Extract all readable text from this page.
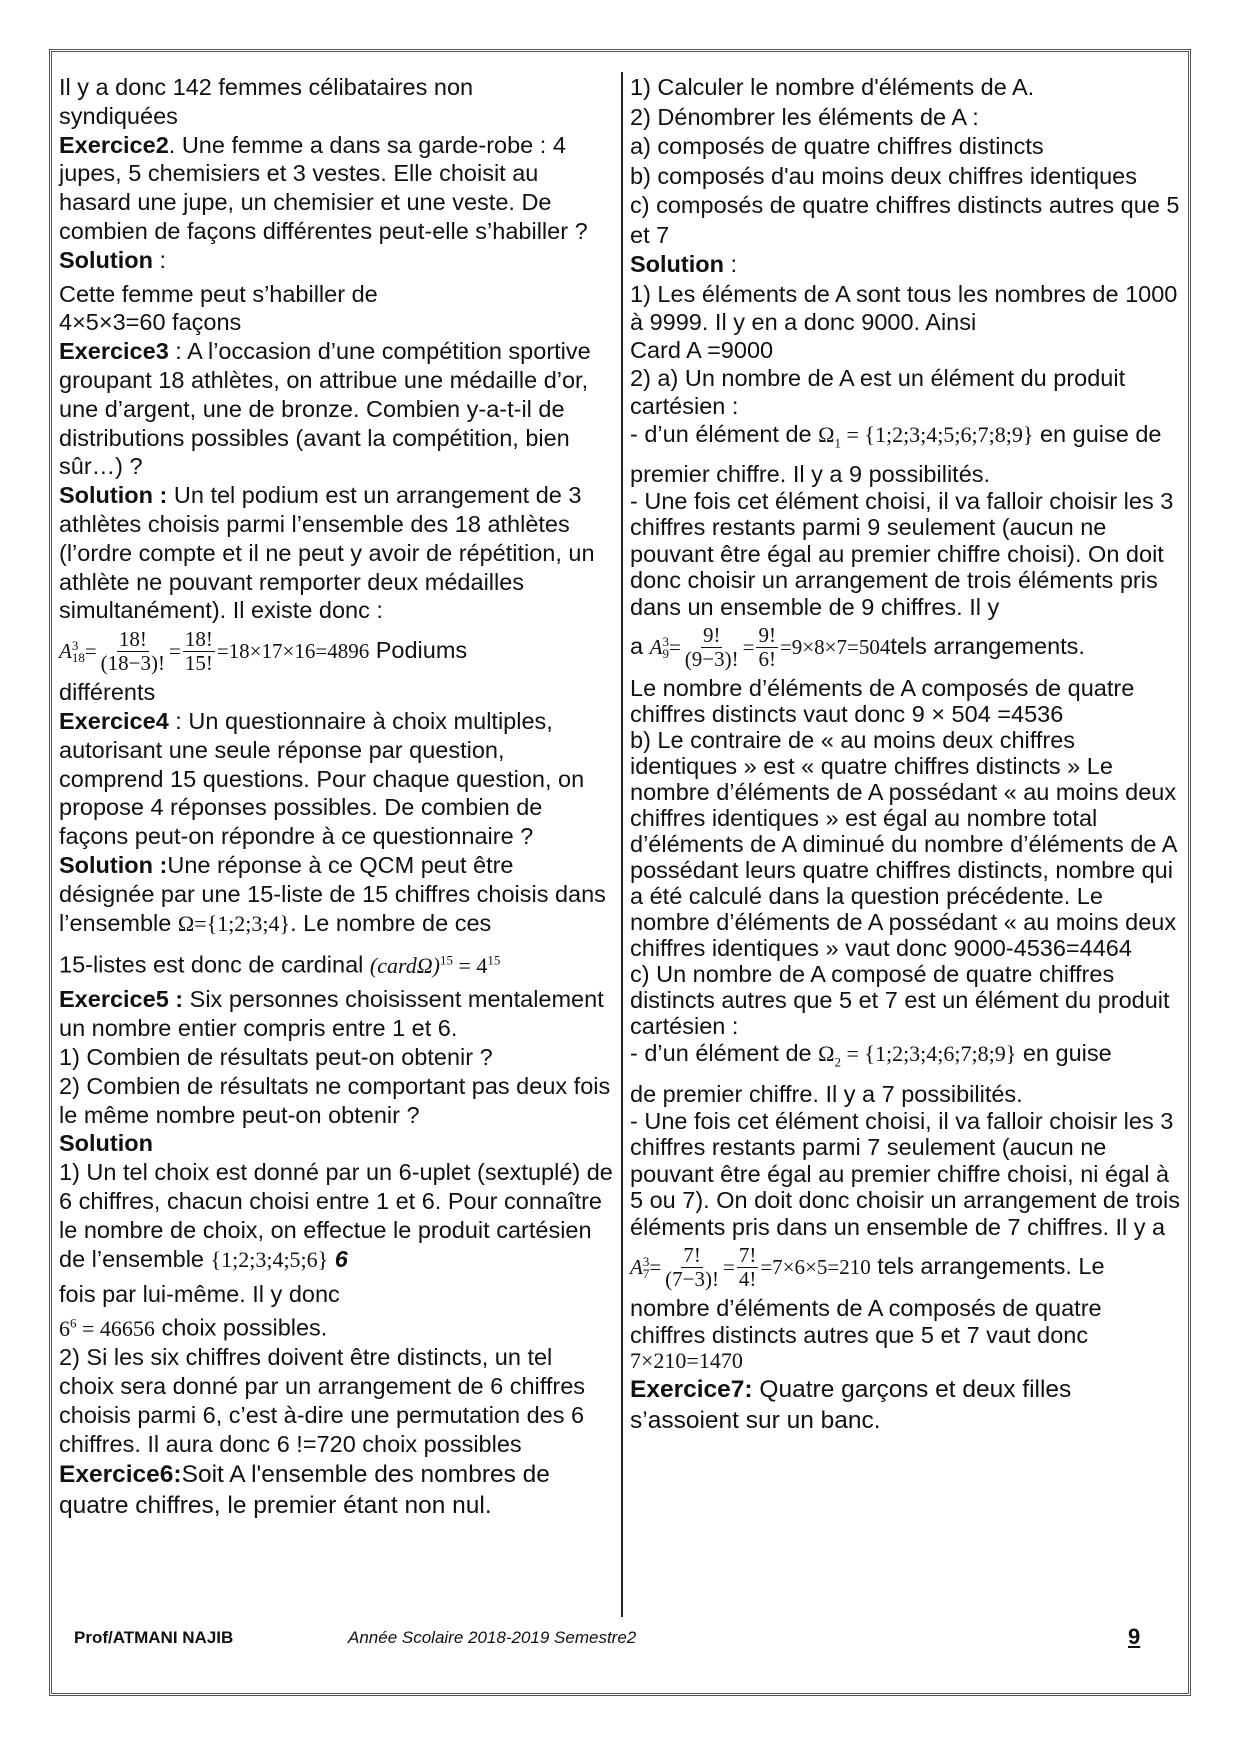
Il y a donc 142 femmes célibataires non

syndiquées

Exercice2. Une femme a dans sa garde-robe : 4 jupes, 5 chemisiers et 3 vestes. Elle choisit au hasard une jupe, un chemisier et une veste. De combien de façons différentes peut-elle s’habiller ?

Solution :

Cette femme peut s’habiller de

4×5×3=60 façons

Exercice3 : A l’occasion d’une compétition sportive groupant 18 athlètes, on attribue une médaille d’or, une d’argent, une de bronze. Combien y-a-t-il de distributions possibles (avant la compétition, bien sûr…) ?

Solution : Un tel podium est un arrangement de 3 athlètes choisis parmi l’ensemble des 18 athlètes (l’ordre compte et il ne peut y avoir de répétition, un athlète ne pouvant remporter deux médailles simultanément). Il existe donc :

A 3
$18 = \frac{18!}{(18-3)!} = \frac{18!}{15!} =18\times 17\times 16=4896$ Podiums

différents

Exercice4 : Un questionnaire à choix multiples, autorisant une seule réponse par question, comprend 15 questions. Pour chaque question, on propose 4 réponses possibles. De combien de façons peut-on répondre à ce questionnaire ?

Solution :Une réponse à ce QCM peut être désignée par une 15-liste de 15 chiffres choisis dans l’ensemble Ω={1;2;3;4}. Le nombre de ces

15-listes est donc de cardinal (cardΩ)$^{15}$ = $4^{15}$

Exercice5 : Six personnes choisissent mentalement un nombre entier compris entre 1 et 6.

1) Combien de résultats peut-on obtenir ?

2) Combien de résultats ne comportant pas deux fois le même nombre peut-on obtenir ?

Solution

1) Un tel choix est donné par un 6-uplet (sextuplé) de 6 chiffres, chacun choisi entre 1 et 6. Pour connaître le nombre de choix, on effectue le produit cartésien de l’ensemble {1;2;3;4;5;6} 6

fois par lui-même. Il y donc

$6^6 = 46656$ choix possibles.

2) Si les six chiffres doivent être distincts, un tel choix sera donné par un arrangement de 6 chiffres choisis parmi 6, c’est à-dire une permutation des 6 chiffres. Il aura donc 6 !=720 choix possibles

Exercice6:Soit A l'ensemble des nombres de quatre chiffres, le premier étant non nul.

1) Calculer le nombre d'éléments de A.

2) Dénombrer les éléments de A :

a) composés de quatre chiffres distincts

b) composés d'au moins deux chiffres identiques

c) composés de quatre chiffres distincts autres que 5 et 7

Solution :

1) Les éléments de A sont tous les nombres de 1000 à 9999. Il y en a donc 9000. Ainsi

Card A =9000

2) a) Un nombre de A est un élément du produit cartésien :

- d’un élément de $\Omega_1$ = {1;2;3;4;5;6;7;8;9} en guise de

premier chiffre. Il y a 9 possibilités.

- Une fois cet élément choisi, il va falloir choisir les 3 chiffres restants parmi 9 seulement (aucun ne pouvant être égal au premier chiffre choisi). On doit donc choisir un arrangement de trois éléments pris dans un ensemble de 9 chiffres. Il y

a A 3
$9 = \frac{9!}{(9-3)!} = \frac{9!}{6!} =9\times 8\times 7=504$ tels arrangements.

Le nombre d’éléments de A composés de quatre chiffres distincts vaut donc 9 × 504 =4536

b) Le contraire de « au moins deux chiffres identiques » est « quatre chiffres distincts » Le nombre d’éléments de A possédant « au moins deux chiffres identiques » est égal au nombre total d’éléments de A diminué du nombre d’éléments de A possédant leurs quatre chiffres distincts, nombre qui a été calculé dans la question précédente. Le nombre d’éléments de A possédant « au moins deux chiffres identiques » vaut donc 9000-4536=4464

c) Un nombre de A composé de quatre chiffres distincts autres que 5 et 7 est un élément du produit cartésien :

- d’un élément de $\Omega_2$ = {1;2;3;4;6;7;8;9} en guise

de premier chiffre. Il y a 7 possibilités.

- Une fois cet élément choisi, il va falloir choisir les 3 chiffres restants parmi 7 seulement (aucun ne pouvant être égal au premier chiffre choisi, ni égal à 5 ou 7). On doit donc choisir un arrangement de trois éléments pris dans un ensemble de 7 chiffres. Il y a

A 3
$7 = \frac{7!}{(7-3)!} = \frac{7!}{4!} =7\times 6\times 5=210$ tels arrangements. Le

nombre d’éléments de A composés de quatre chiffres distincts autres que 5 et 7 vaut donc

7×210=1470

Exercice7: Quatre garçons et deux filles s’assoient sur un banc.

Prof/ATMANI NAJIB	Année Scolaire 2018-2019 Semestre2	9
